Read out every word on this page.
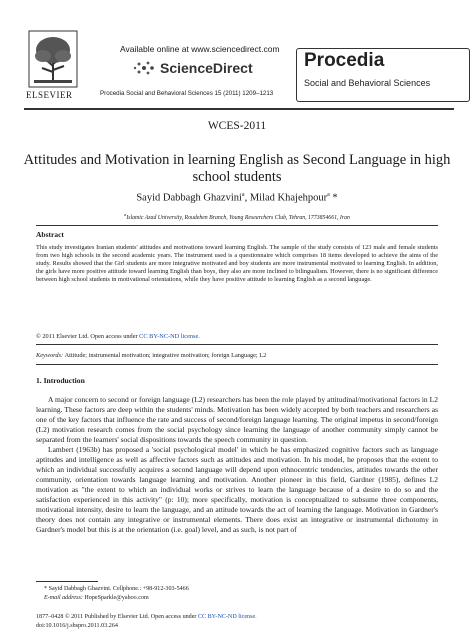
ELSEVIER
Available online at www.sciencedirect.com
ScienceDirect
Procedia Social and Behavioral Sciences 15 (2011) 1209–1213
Procedia
Social and Behavioral Sciences
WCES-2011
Attitudes and Motivation in learning English as Second Language in high school students
Sayid Dabbagh Ghazvini$^a$, Milad Khajehpour$^a$ *
$^a$Islamic Azad University, Roudehen Branch, Young Researchers Club, Tehran, 1773854661, Iran
Abstract
This study investigates Iranian students' attitudes and motivations toward learning English. The sample of the study consists of 123 male and female students from two high schools in the second academic years. The instrument used is a questionnaire which comprises 18 items developed to achieve the aims of the study. Results showed that the Girl students are more integrative motivated and boy students are more instrumental motivated to learning English. In addition, the girls have more positive attitude toward learning English than boys, they also are more inclined to bilingualism. However, there is no significant difference between high school students in motivational orientations, while they have positive attitude to learning English as a second language.
© 2011 Elsevier Ltd. Open access under CC BY-NC-ND license.
Keywords: Attitude; instrumental motivation; integrative motivation; foreign Language; L2
1. Introduction

A major concern to second or foreign language (L2) researchers has been the role played by attitudinal/motivational factors in L2 learning. These factors are deep within the students' minds. Motivation has been widely accepted by both teachers and researchers as one of the key factors that influence the rate and success of second/foreign language learning. The original impetus in second/foreign (L2) motivation research comes from the social psychology since learning the language of another community simply cannot be separated from the learners' social dispositions towards the speech community in question.

Lambert (1963b) has proposed a 'social psychological model' in which he has emphasized cognitive factors such as language aptitudes and intelligence as well as affective factors such as attitudes and motivation. In his model, he proposes that the extent to which an individual successfully acquires a second language will depend upon ethnocentric tendencies, attitudes towards the other community, orientation towards language learning and motivation. Another pioneer in this field, Gardner (1985), defines L2 motivation as "the extent to which an individual works or strives to learn the language because of a desire to do so and the satisfaction experienced in this activity" (p: 10); more specifically, motivation is conceptualized to subsume three components, motivational intensity, desire to learn the language, and an attitude towards the act of learning the language. Motivation in Gardner's theory does not contain any integrative or instrumental elements. There does exist an integrative or instrumental dichotomy in Gardner's model but this is at the orientation (i.e. goal) level, and as such, is not part of

* Sayid Dabbagh Ghazvini. Cellphone.: +98-912-303-5466
E-mail address: HopeSparkle@yahoo.com
1877–0428 © 2011 Published by Elsevier Ltd. Open access under CC BY-NC-ND license.
doi:10.1016/j.sbspro.2011.03.264
